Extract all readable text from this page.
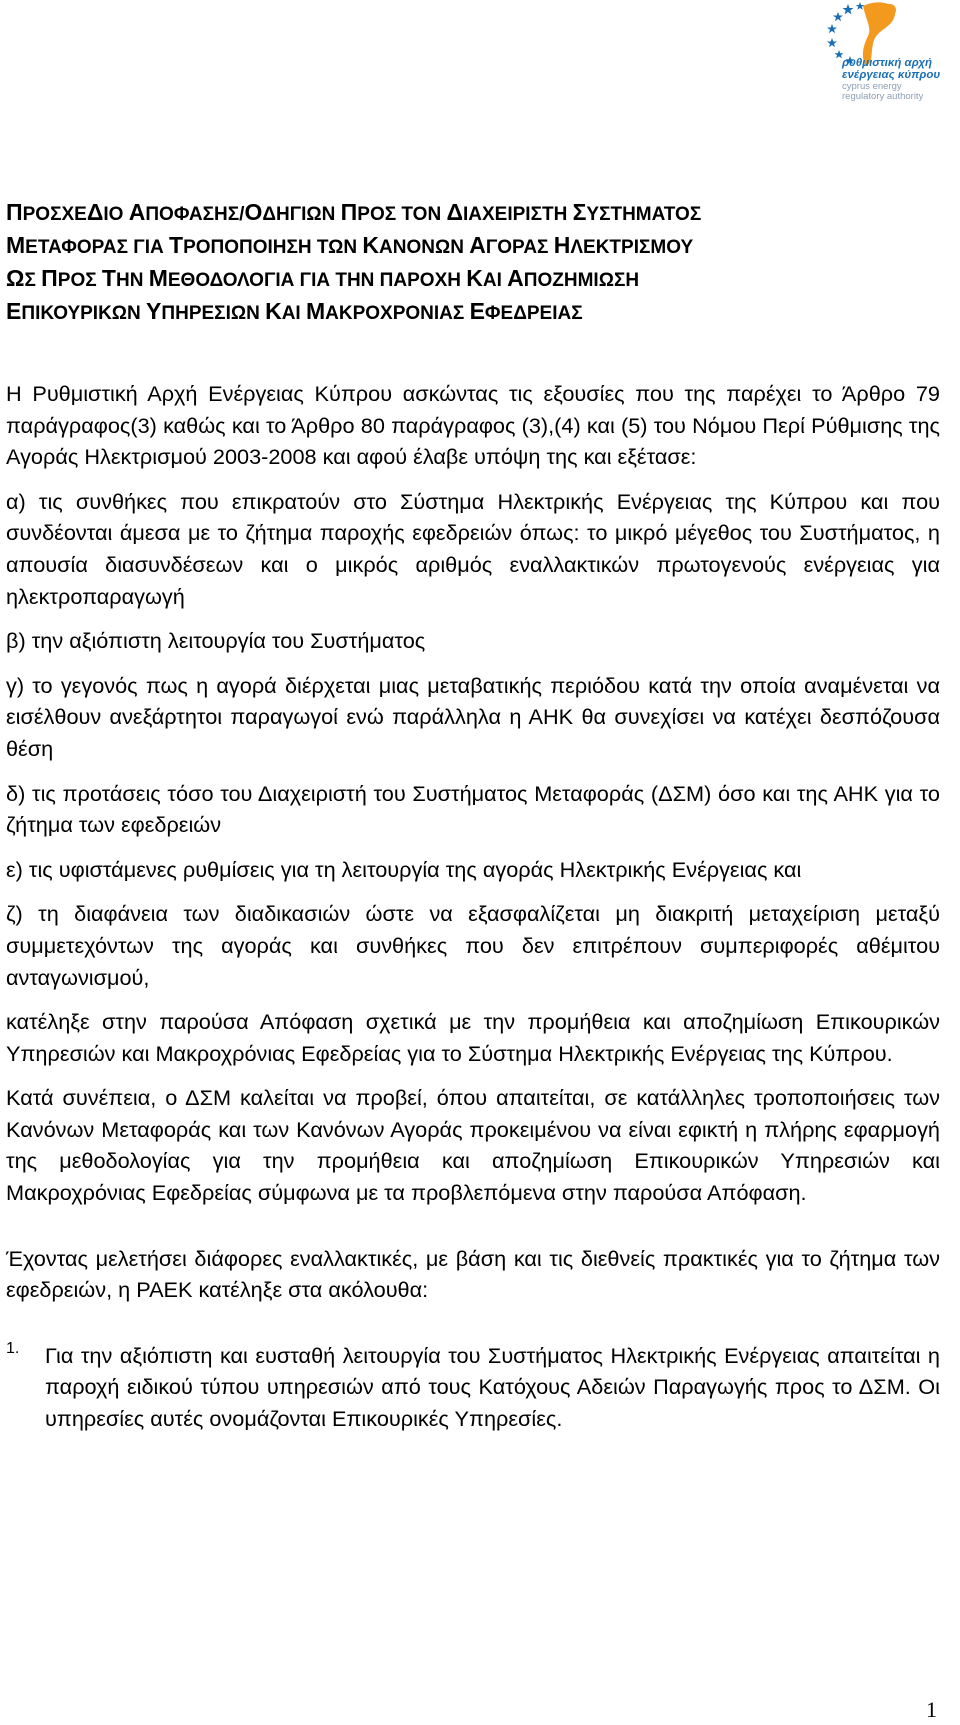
ρυθμιστική αρχή
ενέργειας κύπρου
cyprus energy
regulatory authority
ΠΡΟΣΧΕΔΙΟ ΑΠΟΦΑΣΗΣ/ΟΔΗΓΙΩΝ ΠΡΟΣ ΤΟΝ ΔΙΑΧΕΙΡΙΣΤΗ ΣΥΣΤΗΜΑΤΟΣ
ΜΕΤΑΦΟΡΑΣ ΓΙΑ ΤΡΟΠΟΠΟΙΗΣΗ ΤΩΝ ΚΑΝΟΝΩΝ ΑΓΟΡΑΣ ΗΛΕΚΤΡΙΣΜΟΥ
ΩΣ ΠΡΟΣ ΤΗΝ ΜΕΘΟΔΟΛΟΓΙΑ ΓΙΑ ΤΗΝ ΠΑΡΟΧΗ ΚΑΙ ΑΠΟΖΗΜΙΩΣΗ
ΕΠΙΚΟΥΡΙΚΩΝ ΥΠΗΡΕΣΙΩΝ ΚΑΙ ΜΑΚΡΟΧΡΟΝΙΑΣ ΕΦΕΔΡΕΙΑΣ

Η Ρυθμιστική Αρχή Ενέργειας Κύπρου ασκώντας τις εξουσίες που της παρέχει το Άρθρο 79 παράγραφος(3) καθώς και το Άρθρο 80 παράγραφος (3),(4) και (5) του Νόμου Περί Ρύθμισης της Αγοράς Ηλεκτρισμού 2003-2008 και αφού έλαβε υπόψη της και εξέτασε:

α) τις συνθήκες που επικρατούν στο Σύστημα Ηλεκτρικής Ενέργειας της Κύπρου και που συνδέονται άμεσα με το ζήτημα παροχής εφεδρειών όπως: το μικρό μέγεθος του Συστήματος, η απουσία διασυνδέσεων και ο μικρός αριθμός εναλλακτικών πρωτογενούς ενέργειας για ηλεκτροπαραγωγή

β) την αξιόπιστη λειτουργία του Συστήματος

γ) το γεγονός πως η αγορά διέρχεται μιας μεταβατικής περιόδου κατά την οποία αναμένεται να εισέλθουν ανεξάρτητοι παραγωγοί ενώ παράλληλα η ΑΗΚ θα συνεχίσει να κατέχει δεσπόζουσα θέση

δ) τις προτάσεις τόσο του Διαχειριστή του Συστήματος Μεταφοράς (ΔΣΜ) όσο και της ΑΗΚ για το ζήτημα των εφεδρειών

ε) τις υφιστάμενες ρυθμίσεις για τη λειτουργία της αγοράς Ηλεκτρικής Ενέργειας και

ζ) τη διαφάνεια των διαδικασιών ώστε να εξασφαλίζεται μη διακριτή μεταχείριση μεταξύ συμμετεχόντων της αγοράς και συνθήκες που δεν επιτρέπουν συμπεριφορές αθέμιτου ανταγωνισμού,

κατέληξε στην παρούσα Απόφαση σχετικά με την προμήθεια και αποζημίωση Επικουρικών Υπηρεσιών και Μακροχρόνιας Εφεδρείας για το Σύστημα Ηλεκτρικής Ενέργειας της Κύπρου.

Κατά συνέπεια, ο ΔΣΜ καλείται να προβεί, όπου απαιτείται, σε κατάλληλες τροποποιήσεις των Κανόνων Μεταφοράς και των Κανόνων Αγοράς προκειμένου να είναι εφικτή η πλήρης εφαρμογή της μεθοδολογίας για την προμήθεια και αποζημίωση Επικουρικών Υπηρεσιών και Μακροχρόνιας Εφεδρείας σύμφωνα με τα προβλεπόμενα στην παρούσα Απόφαση.

Έχοντας μελετήσει διάφορες εναλλακτικές, με βάση και τις διεθνείς πρακτικές για το ζήτημα των εφεδρειών, η ΡΑΕΚ κατέληξε στα ακόλουθα:

1. Για την αξιόπιστη και ευσταθή λειτουργία του Συστήματος Ηλεκτρικής Ενέργειας απαιτείται η παροχή ειδικού τύπου υπηρεσιών από τους Κατόχους Αδειών Παραγωγής προς το ΔΣΜ. Οι υπηρεσίες αυτές ονομάζονται Επικουρικές Υπηρεσίες.

1
